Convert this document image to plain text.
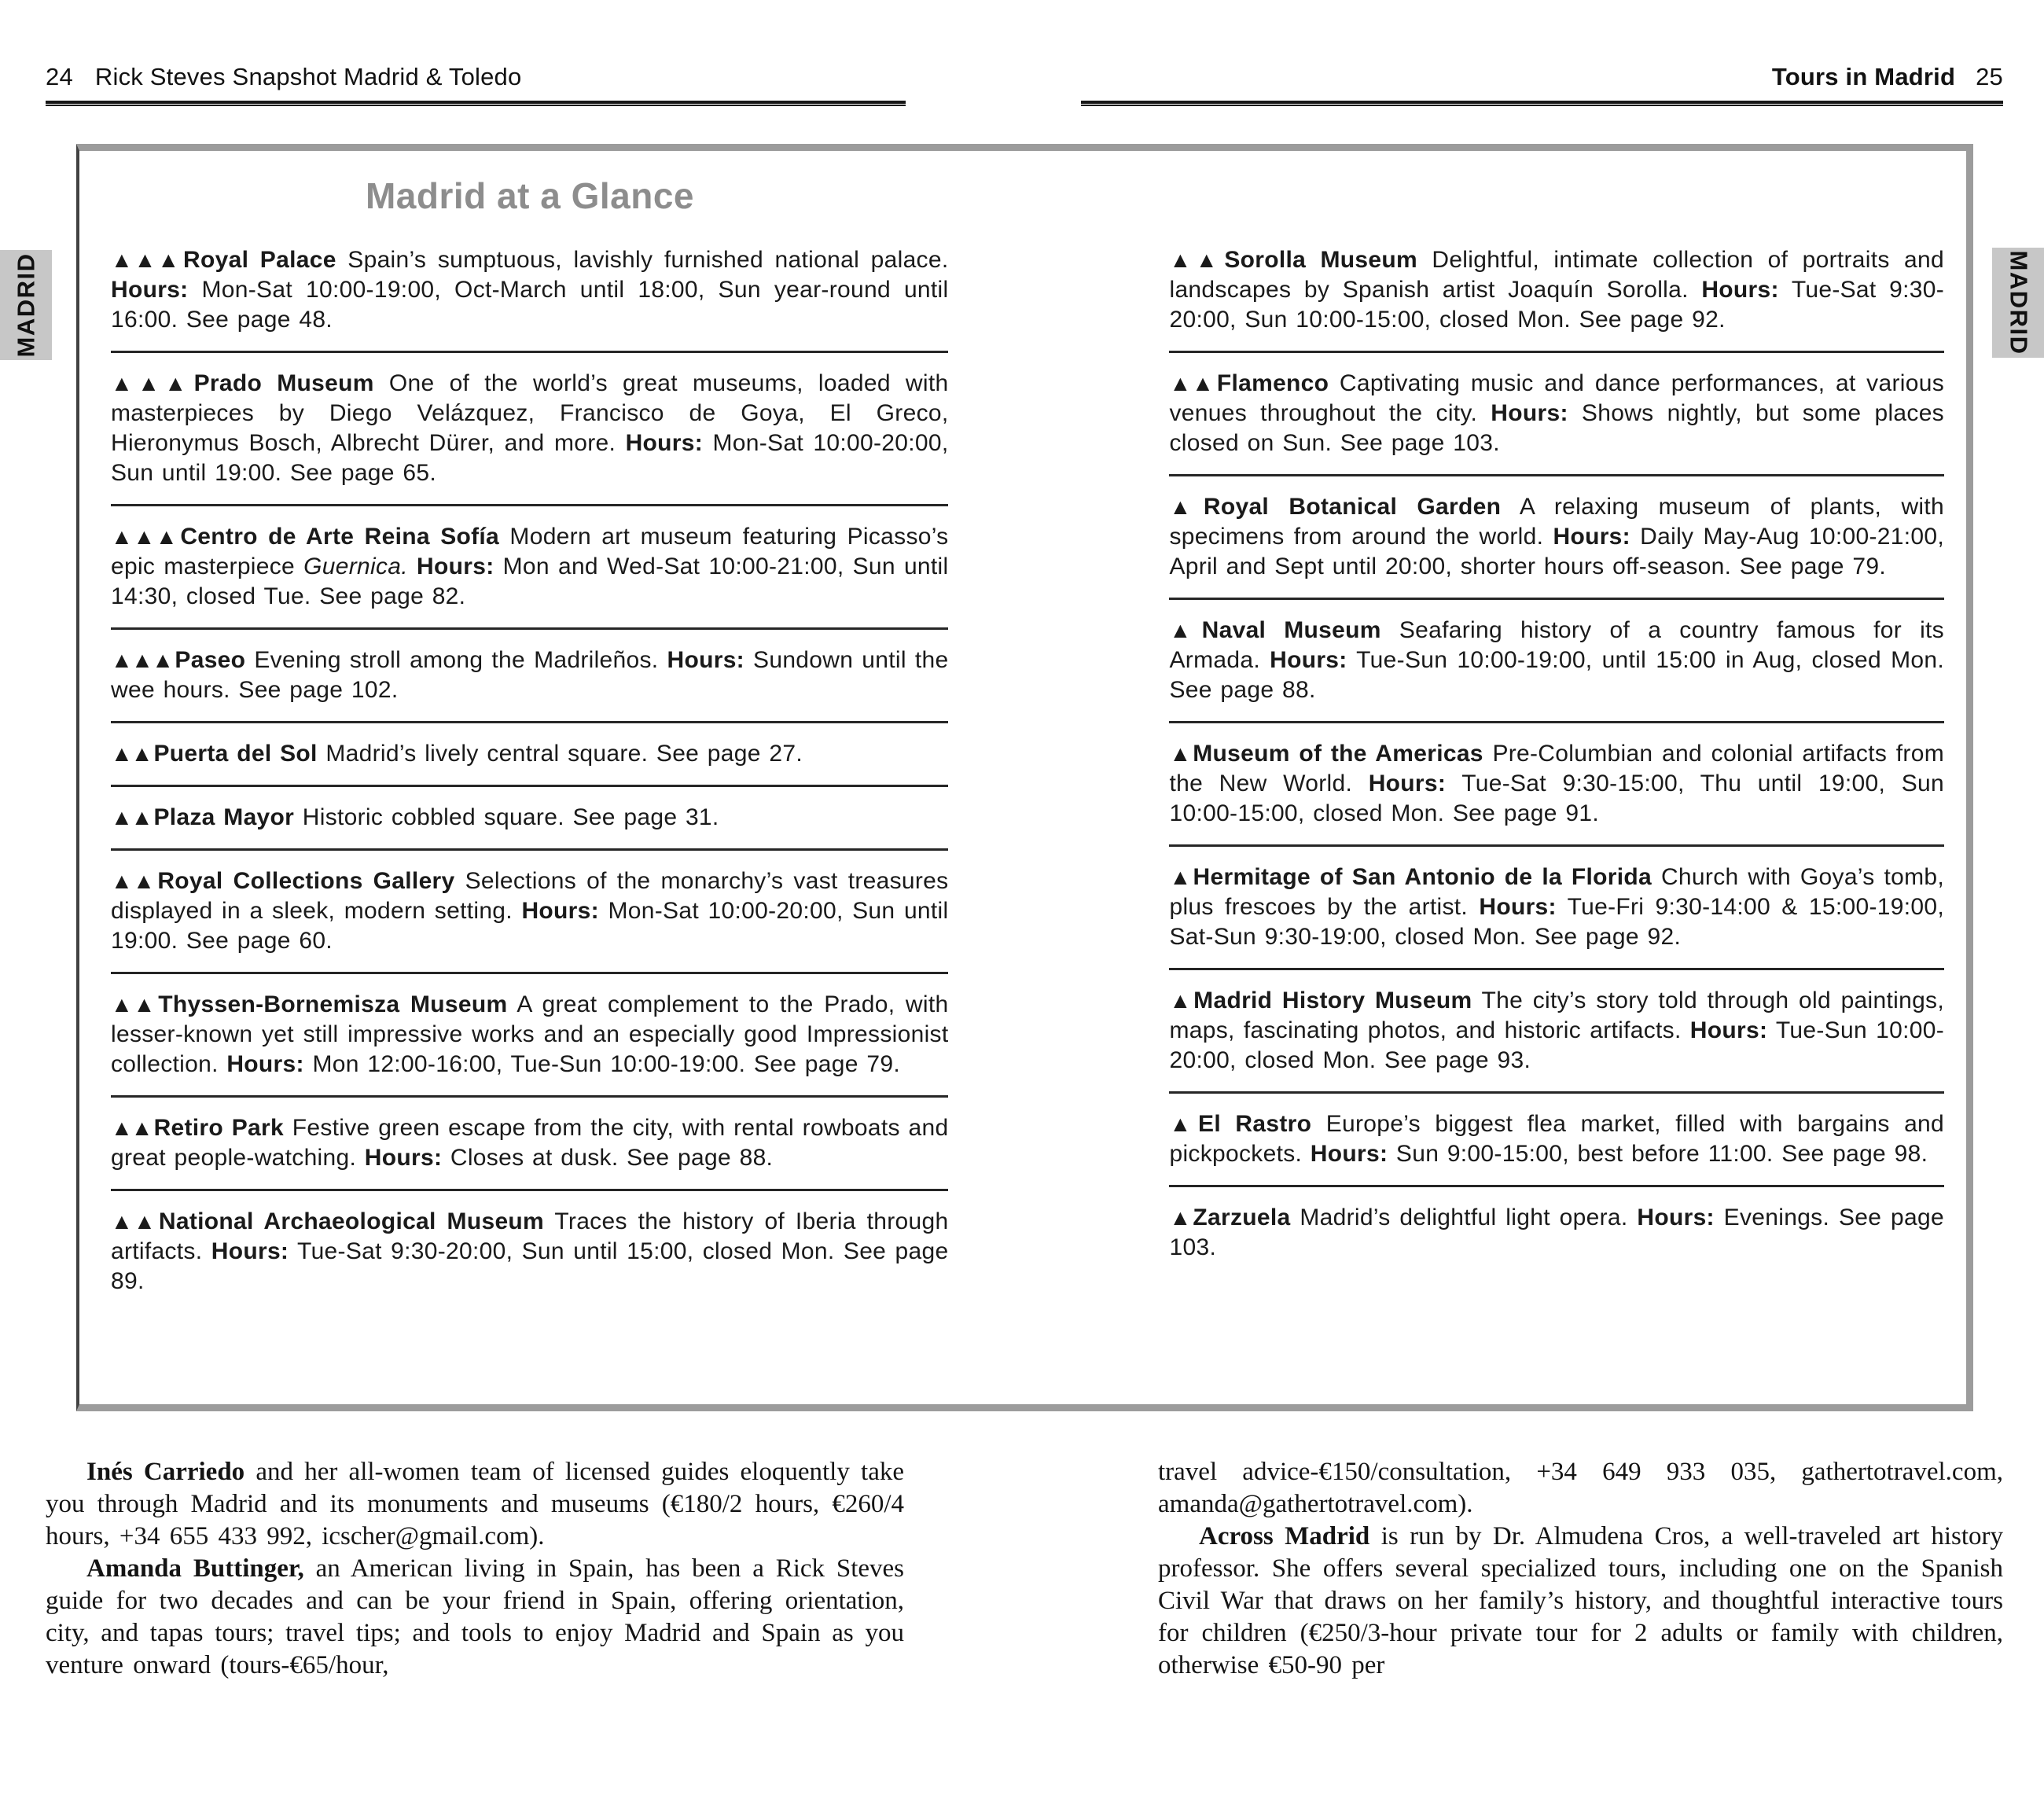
24 Rick Steves Snapshot Madrid & Toledo	Tours in Madrid 25
MADRID	MADRID
Madrid at a Glance

▲▲▲ Royal Palace Spain’s sumptuous, lavishly furnished national palace. Hours: Mon-Sat 10:00-19:00, Oct-March until 18:00, Sun year-round until 16:00. See page 48.

▲▲▲ Prado Museum One of the world’s great museums, loaded with masterpieces by Diego Velázquez, Francisco de Goya, El Greco, Hieronymus Bosch, Albrecht Dürer, and more. Hours: Mon-Sat 10:00-20:00, Sun until 19:00. See page 65.

▲▲▲ Centro de Arte Reina Sofía Modern art museum featuring Picasso’s epic masterpiece Guernica. Hours: Mon and Wed-Sat 10:00-21:00, Sun until 14:30, closed Tue. See page 82.

▲▲▲ Paseo Evening stroll among the Madrileños. Hours: Sundown until the wee hours. See page 102.

▲▲ Puerta del Sol Madrid’s lively central square. See page 27.

▲▲ Plaza Mayor Historic cobbled square. See page 31.

▲▲ Royal Collections Gallery Selections of the monarchy’s vast treasures displayed in a sleek, modern setting. Hours: Mon-Sat 10:00-20:00, Sun until 19:00. See page 60.

▲▲ Thyssen-Bornemisza Museum A great complement to the Prado, with lesser-known yet still impressive works and an especially good Impressionist collection. Hours: Mon 12:00-16:00, Tue-Sun 10:00-19:00. See page 79.

▲▲ Retiro Park Festive green escape from the city, with rental rowboats and great people-watching. Hours: Closes at dusk. See page 88.

▲▲ National Archaeological Museum Traces the history of Iberia through artifacts. Hours: Tue-Sat 9:30-20:00, Sun until 15:00, closed Mon. See page 89.

▲▲ Sorolla Museum Delightful, intimate collection of portraits and landscapes by Spanish artist Joaquín Sorolla. Hours: Tue-Sat 9:30-20:00, Sun 10:00-15:00, closed Mon. See page 92.

▲▲ Flamenco Captivating music and dance performances, at various venues throughout the city. Hours: Shows nightly, but some places closed on Sun. See page 103.

▲ Royal Botanical Garden A relaxing museum of plants, with specimens from around the world. Hours: Daily May-Aug 10:00-21:00, April and Sept until 20:00, shorter hours off-season. See page 79.

▲ Naval Museum Seafaring history of a country famous for its Armada. Hours: Tue-Sun 10:00-19:00, until 15:00 in Aug, closed Mon. See page 88.

▲ Museum of the Americas Pre-Columbian and colonial artifacts from the New World. Hours: Tue-Sat 9:30-15:00, Thu until 19:00, Sun 10:00-15:00, closed Mon. See page 91.

▲ Hermitage of San Antonio de la Florida Church with Goya’s tomb, plus frescoes by the artist. Hours: Tue-Fri 9:30-14:00 & 15:00-19:00, Sat-Sun 9:30-19:00, closed Mon. See page 92.

▲ Madrid History Museum The city’s story told through old paintings, maps, fascinating photos, and historic artifacts. Hours: Tue-Sun 10:00-20:00, closed Mon. See page 93.

▲ El Rastro Europe’s biggest flea market, filled with bargains and pickpockets. Hours: Sun 9:00-15:00, best before 11:00. See page 98.

▲ Zarzuela Madrid’s delightful light opera. Hours: Evenings. See page 103.

Inés Carriedo and her all-women team of licensed guides eloquently take you through Madrid and its monuments and museums (€180/2 hours, €260/4 hours, +34 655 433 992, icscher@gmail.com).

Amanda Buttinger, an American living in Spain, has been a Rick Steves guide for two decades and can be your friend in Spain, offering orientation, city, and tapas tours; travel tips; and tools to enjoy Madrid and Spain as you venture onward (tours-€65/hour,

travel advice-€150/consultation, +34 649 933 035, gathertotravel.com, amanda@gathertotravel.com).

Across Madrid is run by Dr. Almudena Cros, a well-traveled art history professor. She offers several specialized tours, including one on the Spanish Civil War that draws on her family’s history, and thoughtful interactive tours for children (€250/3-hour private tour for 2 adults or family with children, otherwise €50-90 per
